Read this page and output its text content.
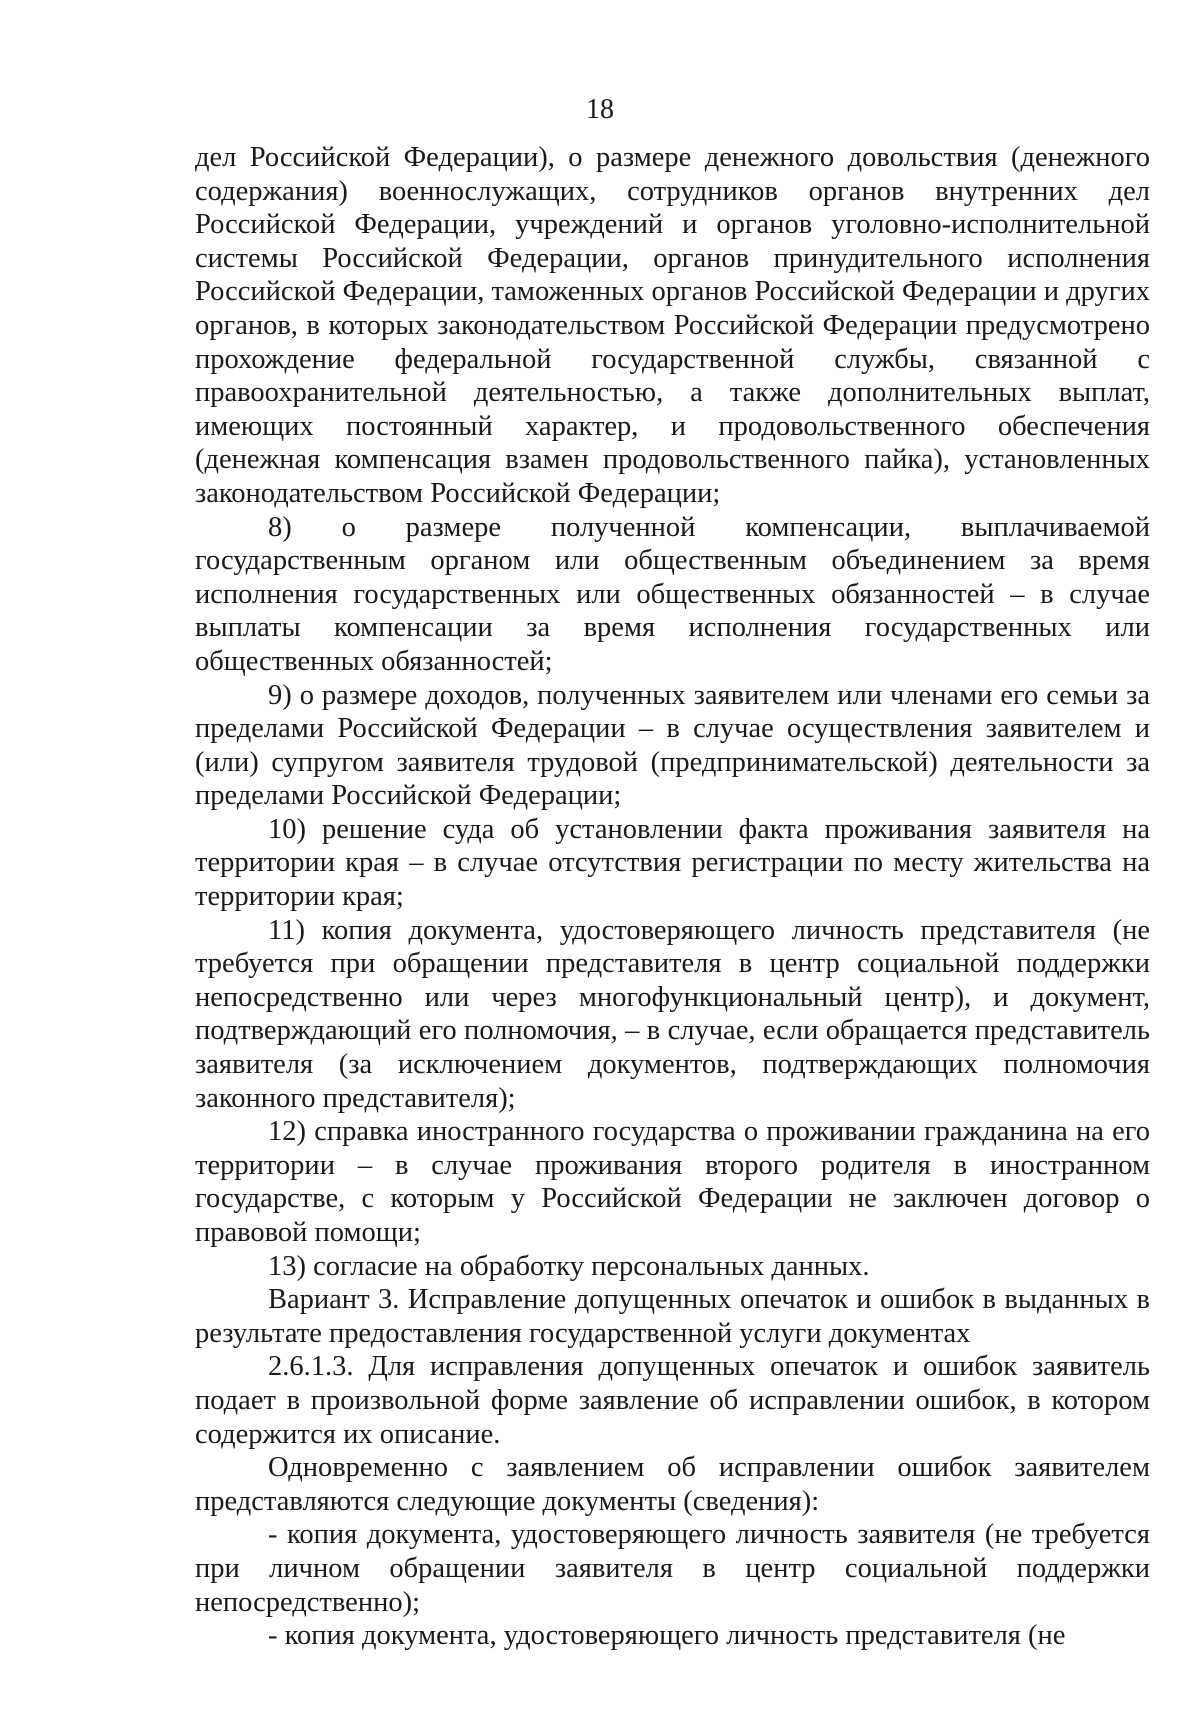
18

дел Российской Федерации), о размере денежного довольствия (денежного содержания) военнослужащих, сотрудников органов внутренних дел Российской Федерации, учреждений и органов уголовно-исполнительной системы Российской Федерации, органов принудительного исполнения Российской Федерации, таможенных органов Российской Федерации и других органов, в которых законодательством Российской Федерации предусмотрено прохождение федеральной государственной службы, связанной с правоохранительной деятельностью, а также дополнительных выплат, имеющих постоянный характер, и продовольственного обеспечения (денежная компенсация взамен продовольственного пайка), установленных законодательством Российской Федерации;

8) о размере полученной компенсации, выплачиваемой государственным органом или общественным объединением за время исполнения государственных или общественных обязанностей – в случае выплаты компенсации за время исполнения государственных или общественных обязанностей;

9) о размере доходов, полученных заявителем или членами его семьи за пределами Российской Федерации – в случае осуществления заявителем и (или) супругом заявителя трудовой (предпринимательской) деятельности за пределами Российской Федерации;

10) решение суда об установлении факта проживания заявителя на территории края – в случае отсутствия регистрации по месту жительства на территории края;

11) копия документа, удостоверяющего личность представителя (не требуется при обращении представителя в центр социальной поддержки непосредственно или через многофункциональный центр), и документ, подтверждающий его полномочия, – в случае, если обращается представитель заявителя (за исключением документов, подтверждающих полномочия законного представителя);

12) справка иностранного государства о проживании гражданина на его территории – в случае проживания второго родителя в иностранном государстве, с которым у Российской Федерации не заключен договор о правовой помощи;

13) согласие на обработку персональных данных.

Вариант 3. Исправление допущенных опечаток и ошибок в выданных в результате предоставления государственной услуги документах

2.6.1.3. Для исправления допущенных опечаток и ошибок заявитель подает в произвольной форме заявление об исправлении ошибок, в котором содержится их описание.

Одновременно с заявлением об исправлении ошибок заявителем представляются следующие документы (сведения):

- копия документа, удостоверяющего личность заявителя (не требуется при личном обращении заявителя в центр социальной поддержки непосредственно);

- копия документа, удостоверяющего личность представителя (не
